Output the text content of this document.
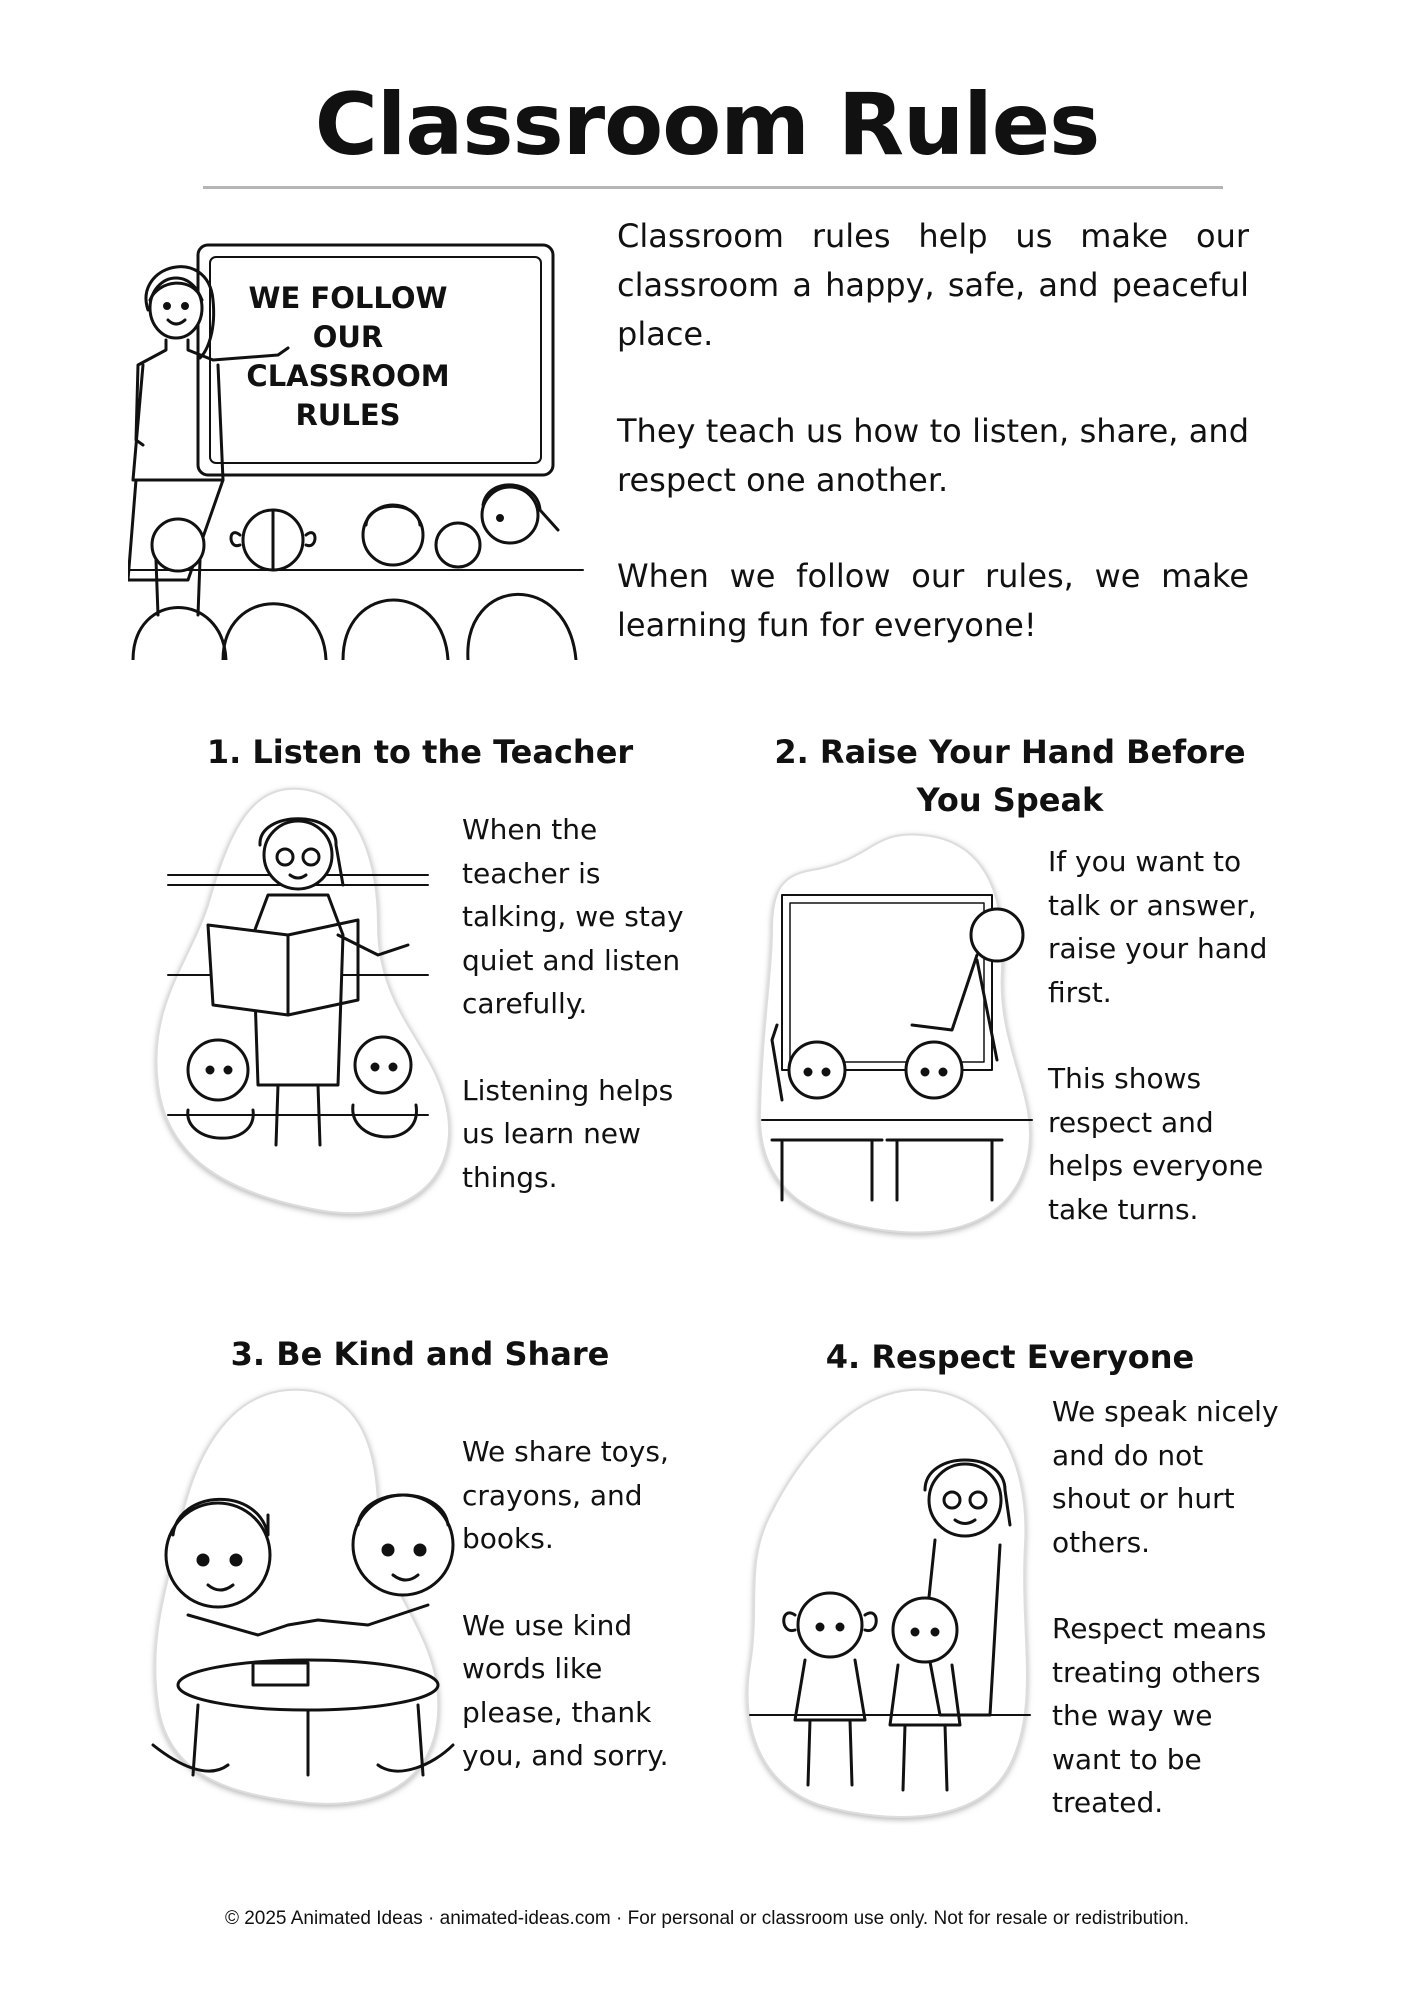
Classroom Rules
WE FOLLOW
OUR
CLASSROOM
RULES

Classroom rules help us make our classroom a happy, safe, and peaceful place.

They teach us how to listen, share, and respect one another.

When we follow our rules, we make learning fun for everyone!

1. Listen to the Teacher

When the teacher is talking, we stay quiet and listen carefully.

Listening helps us learn new things.

2. Raise Your Hand Before You Speak

If you want to talk or answer, raise your hand first.

This shows respect and helps everyone take turns.

3. Be Kind and Share

We share toys, crayons, and books.

We use kind words like please, thank you, and sorry.

4. Respect Everyone

We speak nicely and do not shout or hurt others.

Respect means treating others the way we want to be treated.

© 2025 Animated Ideas · animated-ideas.com · For personal or classroom use only. Not for resale or redistribution.
